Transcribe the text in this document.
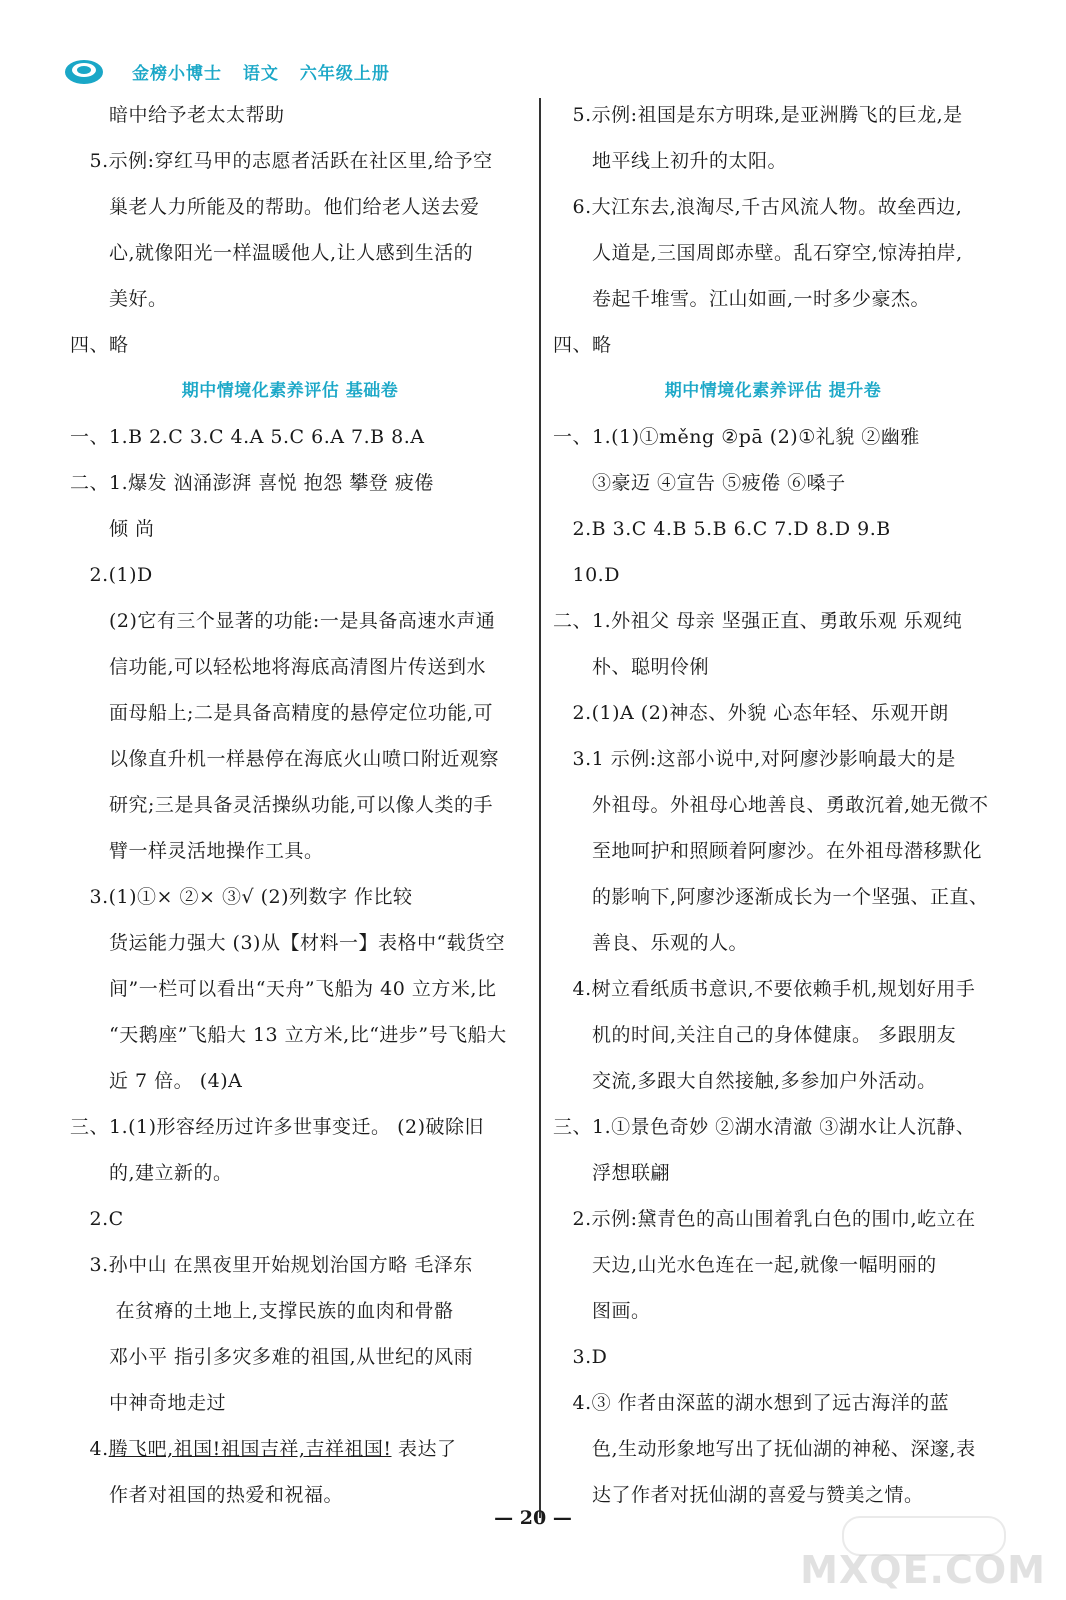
金榜小博士 语文 六年级上册
　　暗中给予老太太帮助
　5.示例:穿红马甲的志愿者活跃在社区里,给予空
　　巢老人力所能及的帮助。他们给老人送去爱
　　心,就像阳光一样温暖他人,让人感到生活的
　　美好。
四、略
期中情境化素养评估 基础卷
一、1.B 2.C 3.C 4.A 5.C 6.A 7.B 8.A
二、1.爆发 汹涌澎湃 喜悦 抱怨 攀登 疲倦
　　倾 尚
　2.(1)D
　　(2)它有三个显著的功能:一是具备高速水声通
　　信功能,可以轻松地将海底高清图片传送到水
　　面母船上;二是具备高精度的悬停定位功能,可
　　以像直升机一样悬停在海底火山喷口附近观察
　　研究;三是具备灵活操纵功能,可以像人类的手
　　臂一样灵活地操作工具。
　3.(1)①× ②× ③√ (2)列数字 作比较
　　货运能力强大 (3)从【材料一】表格中“载货空
　　间”一栏可以看出“天舟”飞船为 40 立方米,比
　　“天鹅座”飞船大 13 立方米,比“进步”号飞船大
　　近 7 倍。 (4)A
三、1.(1)形容经历过许多世事变迁。 (2)破除旧
　　的,建立新的。
　2.C
　3.孙中山 在黑夜里开始规划治国方略 毛泽东
　　 在贫瘠的土地上,支撑民族的血肉和骨骼
　　邓小平 指引多灾多难的祖国,从世纪的风雨
　　中神奇地走过
　4.腾飞吧,祖国!祖国吉祥,吉祥祖国! 表达了
　　作者对祖国的热爱和祝福。
　5.示例:祖国是东方明珠,是亚洲腾飞的巨龙,是
　　地平线上初升的太阳。
　6.大江东去,浪淘尽,千古风流人物。故垒西边,
　　人道是,三国周郎赤壁。乱石穿空,惊涛拍岸,
　　卷起千堆雪。江山如画,一时多少豪杰。
四、略
期中情境化素养评估 提升卷
一、1.(1)①měng ②pā (2)①礼貌 ②幽雅
　　③豪迈 ④宣告 ⑤疲倦 ⑥嗓子
　2.B 3.C 4.B 5.B 6.C 7.D 8.D 9.B
　10.D
二、1.外祖父 母亲 坚强正直、勇敢乐观 乐观纯
　　朴、聪明伶俐
　2.(1)A (2)神态、外貌 心态年轻、乐观开朗
　3.1 示例:这部小说中,对阿廖沙影响最大的是
　　外祖母。外祖母心地善良、勇敢沉着,她无微不
　　至地呵护和照顾着阿廖沙。在外祖母潜移默化
　　的影响下,阿廖沙逐渐成长为一个坚强、正直、
　　善良、乐观的人。
　4.树立看纸质书意识,不要依赖手机,规划好用手
　　机的时间,关注自己的身体健康。 多跟朋友
　　交流,多跟大自然接触,多参加户外活动。
三、1.①景色奇妙 ②湖水清澈 ③湖水让人沉静、
　　浮想联翩
　2.示例:黛青色的高山围着乳白色的围巾,屹立在
　　天边,山光水色连在一起,就像一幅明丽的
　　图画。
　3.D
　4.③ 作者由深蓝的湖水想到了远古海洋的蓝
　　色,生动形象地写出了抚仙湖的神秘、深邃,表
　　达了作者对抚仙湖的喜爱与赞美之情。
— 20 —
MXQE.COM
